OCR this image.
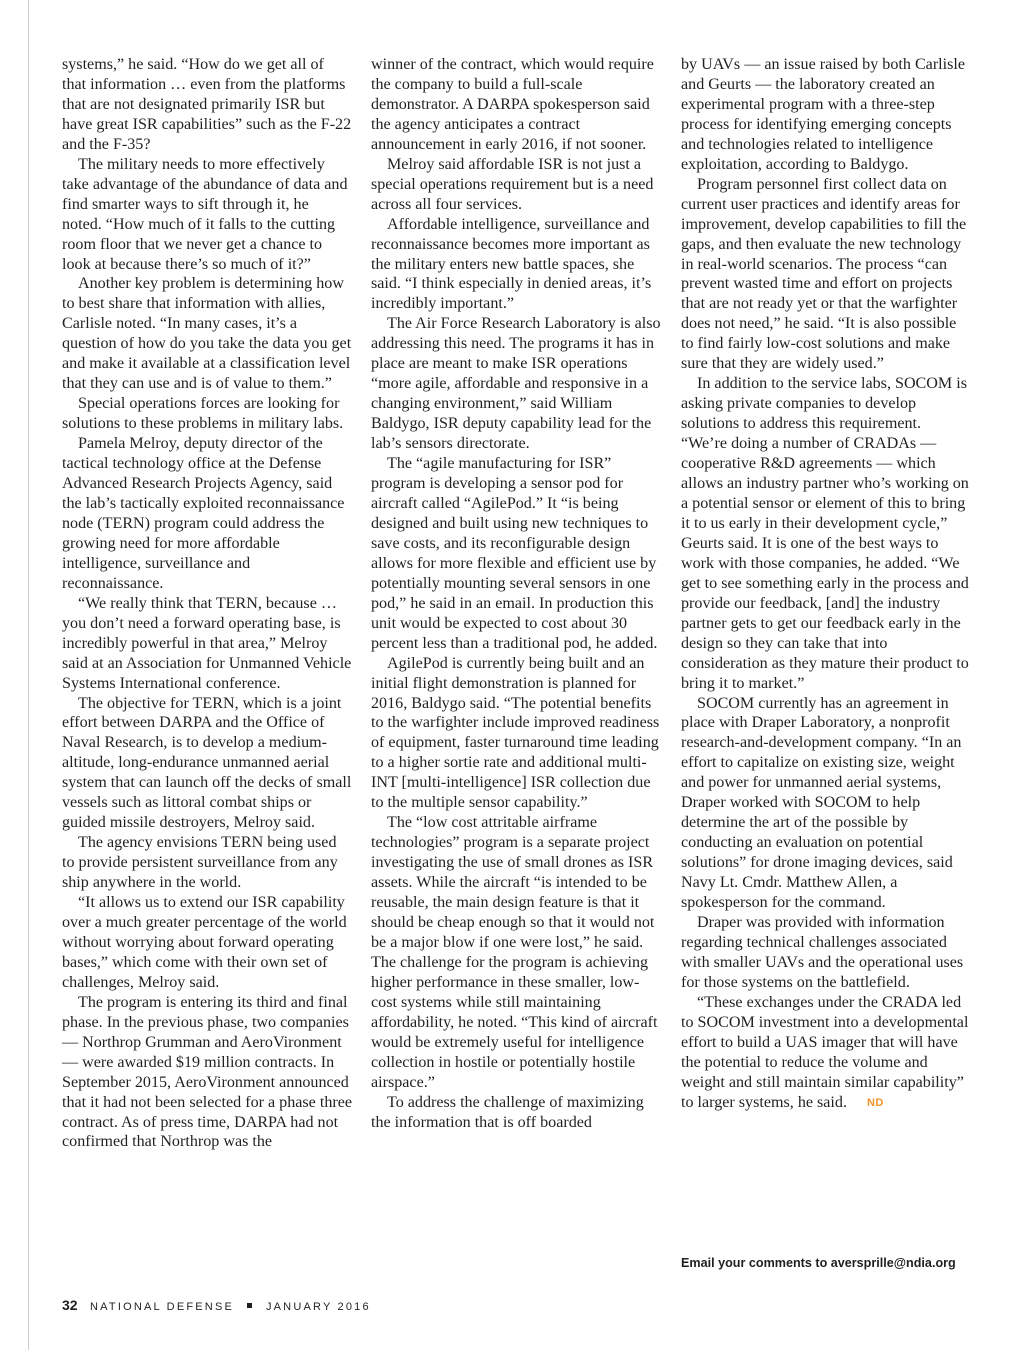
systems,” he said. “How do we get all of that information … even from the platforms that are not designated primarily ISR but have great ISR capabilities” such as the F-22 and the F-35?

The military needs to more effectively take advantage of the abundance of data and find smarter ways to sift through it, he noted. “How much of it falls to the cutting room floor that we never get a chance to look at because there’s so much of it?”

Another key problem is determining how to best share that information with allies, Carlisle noted. “In many cases, it’s a question of how do you take the data you get and make it available at a classification level that they can use and is of value to them.”

Special operations forces are looking for solutions to these problems in military labs.

Pamela Melroy, deputy director of the tactical technology office at the Defense Advanced Research Projects Agency, said the lab’s tactically exploited reconnaissance node (TERN) program could address the growing need for more affordable intelligence, surveillance and reconnaissance.

“We really think that TERN, because … you don’t need a forward operating base, is incredibly powerful in that area,” Melroy said at an Association for Unmanned Vehicle Systems International conference.

The objective for TERN, which is a joint effort between DARPA and the Office of Naval Research, is to develop a medium-altitude, long-endurance unmanned aerial system that can launch off the decks of small vessels such as littoral combat ships or guided missile destroyers, Melroy said.

The agency envisions TERN being used to provide persistent surveillance from any ship anywhere in the world.

“It allows us to extend our ISR capability over a much greater percentage of the world without worrying about forward operating bases,” which come with their own set of challenges, Melroy said.

The program is entering its third and final phase. In the previous phase, two companies — Northrop Grumman and AeroVironment — were awarded $19 million contracts. In September 2015, AeroVironment announced that it had not been selected for a phase three contract. As of press time, DARPA had not confirmed that Northrop was the

winner of the contract, which would require the company to build a full-scale demonstrator. A DARPA spokesperson said the agency anticipates a contract announcement in early 2016, if not sooner.

Melroy said affordable ISR is not just a special operations requirement but is a need across all four services.

Affordable intelligence, surveillance and reconnaissance becomes more important as the military enters new battle spaces, she said. “I think especially in denied areas, it’s incredibly important.”

The Air Force Research Laboratory is also addressing this need. The programs it has in place are meant to make ISR operations “more agile, affordable and responsive in a changing environment,” said William Baldygo, ISR deputy capability lead for the lab’s sensors directorate.

The “agile manufacturing for ISR” program is developing a sensor pod for aircraft called “AgilePod.” It “is being designed and built using new techniques to save costs, and its reconfigurable design allows for more flexible and efficient use by potentially mounting several sensors in one pod,” he said in an email. In production this unit would be expected to cost about 30 percent less than a traditional pod, he added.

AgilePod is currently being built and an initial flight demonstration is planned for 2016, Baldygo said. “The potential benefits to the warfighter include improved readiness of equipment, faster turnaround time leading to a higher sortie rate and additional multi-INT [multi-intelligence] ISR collection due to the multiple sensor capability.”

The “low cost attritable airframe technologies” program is a separate project investigating the use of small drones as ISR assets. While the aircraft “is intended to be reusable, the main design feature is that it should be cheap enough so that it would not be a major blow if one were lost,” he said. The challenge for the program is achieving higher performance in these smaller, low-cost systems while still maintaining affordability, he noted. “This kind of aircraft would be extremely useful for intelligence collection in hostile or potentially hostile airspace.”

To address the challenge of maximizing the information that is off boarded

by UAVs — an issue raised by both Carlisle and Geurts — the laboratory created an experimental program with a three-step process for identifying emerging concepts and technologies related to intelligence exploitation, according to Baldygo.

Program personnel first collect data on current user practices and identify areas for improvement, develop capabilities to fill the gaps, and then evaluate the new technology in real-world scenarios. The process “can prevent wasted time and effort on projects that are not ready yet or that the warfighter does not need,” he said. “It is also possible to find fairly low-cost solutions and make sure that they are widely used.”

In addition to the service labs, SOCOM is asking private companies to develop solutions to address this requirement. “We’re doing a number of CRADAs — cooperative R&D agreements — which allows an industry partner who’s working on a potential sensor or element of this to bring it to us early in their development cycle,” Geurts said. It is one of the best ways to work with those companies, he added. “We get to see something early in the process and provide our feedback, [and] the industry partner gets to get our feedback early in the design so they can take that into consideration as they mature their product to bring it to market.”

SOCOM currently has an agreement in place with Draper Laboratory, a nonprofit research-and-development company. “In an effort to capitalize on existing size, weight and power for unmanned aerial systems, Draper worked with SOCOM to help determine the art of the possible by conducting an evaluation on potential solutions” for drone imaging devices, said Navy Lt. Cmdr. Matthew Allen, a spokesperson for the command.

Draper was provided with information regarding technical challenges associated with smaller UAVs and the operational uses for those systems on the battlefield.

“These exchanges under the CRADA led to SOCOM investment into a developmental effort to build a UAS imager that will have the potential to reduce the volume and weight and still maintain similar capability” to larger systems, he said. ND

Email your comments to aversprille@ndia.org
32 NATIONAL DEFENSE	JANUARY 2016
